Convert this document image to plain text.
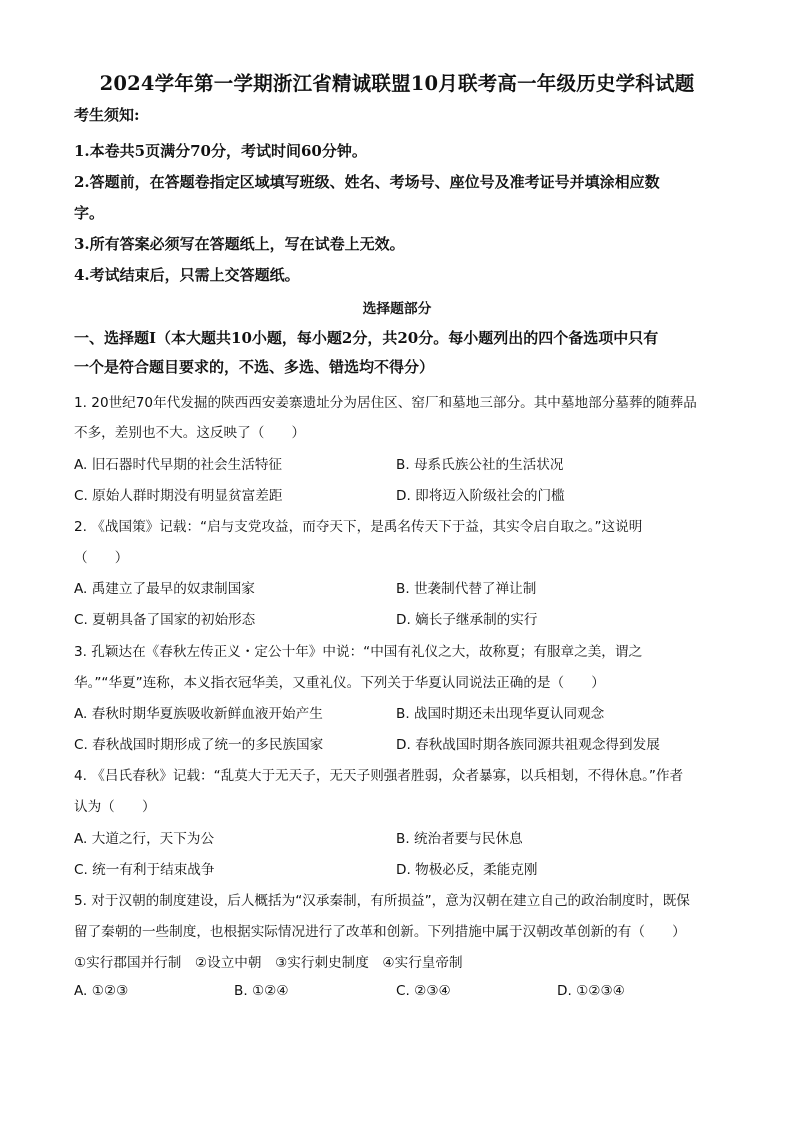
2024学年第一学期浙江省精诚联盟10月联考高一年级历史学科试题
考生须知:
1.本卷共5页满分70分，考试时间60分钟。
2.答题前，在答题卷指定区域填写班级、姓名、考场号、座位号及准考证号并填涂相应数
字。
3.所有答案必须写在答题纸上，写在试卷上无效。
4.考试结束后，只需上交答题纸。
选择题部分
一、选择题Ⅰ（本大题共10小题，每小题2分，共20分。每小题列出的四个备选项中只有
一个是符合题目要求的，不选、多选、错选均不得分）
1. 20世纪70年代发掘的陕西西安姜寨遗址分为居住区、窑厂和墓地三部分。其中墓地部分墓葬的随葬品
不多，差别也不大。这反映了（　　）
A. 旧石器时代早期的社会生活特征	B. 母系氏族公社的生活状况
C. 原始人群时期没有明显贫富差距	D. 即将迈入阶级社会的门槛
2. 《战国策》记载：“启与支党攻益，而夺天下，是禹名传天下于益，其实令启自取之。”这说明
（　　）
A. 禹建立了最早的奴隶制国家	B. 世袭制代替了禅让制
C. 夏朝具备了国家的初始形态	D. 嫡长子继承制的实行
3. 孔颖达在《春秋左传正义・定公十年》中说：“中国有礼仪之大，故称夏；有服章之美，谓之
华。”“华夏”连称，本义指衣冠华美，又重礼仪。下列关于华夏认同说法正确的是（　　）
A. 春秋时期华夏族吸收新鲜血液开始产生	B. 战国时期还未出现华夏认同观念
C. 春秋战国时期形成了统一的多民族国家	D. 春秋战国时期各族同源共祖观念得到发展
4. 《吕氏春秋》记载：“乱莫大于无天子，无天子则强者胜弱，众者暴寡，以兵相刬，不得休息。”作者
认为（　　）
A. 大道之行，天下为公	B. 统治者要与民休息
C. 统一有利于结束战争	D. 物极必反，柔能克刚
5. 对于汉朝的制度建设，后人概括为“汉承秦制，有所损益”，意为汉朝在建立自己的政治制度时，既保
留了秦朝的一些制度，也根据实际情况进行了改革和创新。下列措施中属于汉朝改革创新的有（　　）
①实行郡国并行制　②设立中朝　③实行刺史制度　④实行皇帝制
A. ①②③	B. ①②④	C. ②③④	D. ①②③④
